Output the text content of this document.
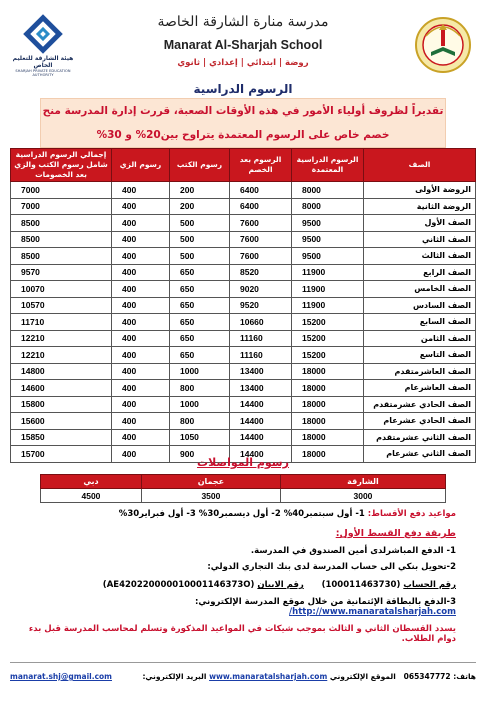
هيئة الشارقة للتعليم الخاص
SHARJAH PRIVATE EDUCATION AUTHORITY
مدرسة منارة الشارقة الخاصة
Manarat Al-Sharjah School
روضة | ابتدائي | إعدادي | ثانوي
الرسوم الدراسية
تقديراً لظروف أولياء الأمور في هذه الأوقات الصعبة، قررت إدارة المدرسة منح
خصم خاص على الرسوم المعتمدة يتراوح بين20% و 30%
الصف	الرسوم الدراسية المعتمدة	الرسوم بعد الخصم	رسوم الكتب	رسوم الزي	إجمالي الرسوم الدراسية شامل رسوم الكتب والزي بعد الخصومات
الروضة الأولى	8000	6400	200	400	7000
الروضة الثانية	8000	6400	200	400	7000
الصف الأول	9500	7600	500	400	8500
الصف الثاني	9500	7600	500	400	8500
الصف الثالث	9500	7600	500	400	8500
الصف الرابع	11900	8520	650	400	9570
الصف الخامس	11900	9020	650	400	10070
الصف السادس	11900	9520	650	400	10570
الصف السابع	15200	10660	650	400	11710
الصف الثامن	15200	11160	650	400	12210
الصف التاسع	15200	11160	650	400	12210
الصف العاشرمتقدم	18000	13400	1000	400	14800
الصف العاشرعام	18000	13400	800	400	14600
الصف الحادي عشرمتقدم	18000	14400	1000	400	15800
الصف الحادي عشرعام	18000	14400	800	400	15600
الصف الثاني عشرمتقدم	18000	14400	1050	400	15850
الصف الثاني عشرعام	18000	14400	900	400	15700
رسوم المواصلات
الشارقة	عجمان	دبي
3000	3500	4500
مواعيد دفع الأقساط: 1- أول سبتمبر40% 2- أول ديسمبر30% 3- أول فبراير30%
طريقة دفع القسط الأول:
1- الدفع المباشرلدى أمين الصندوق في المدرسة.
2-تحويل بنكي الى حساب المدرسة لدى بنك التجاري الدولي:
رقم الحساب (100011463730)      رقم الايبان (AE420220000010001146373O)
3-الدفع بالبطاقة الإئتمانية من خلال موقع المدرسة الإلكتروني: http://www.manaratalsharjah.com/
يسدد القسطان الثاني و الثالث بموجب شيكات في المواعيد المذكورة وتسلم لمحاسب المدرسة قبل بدء دوام الطلاب.
هاتف: 065347772   الموقع الإلكتروني www.manaratalsharjah.com البريد الإلكتروني:
manarat.shj@gmail.com
